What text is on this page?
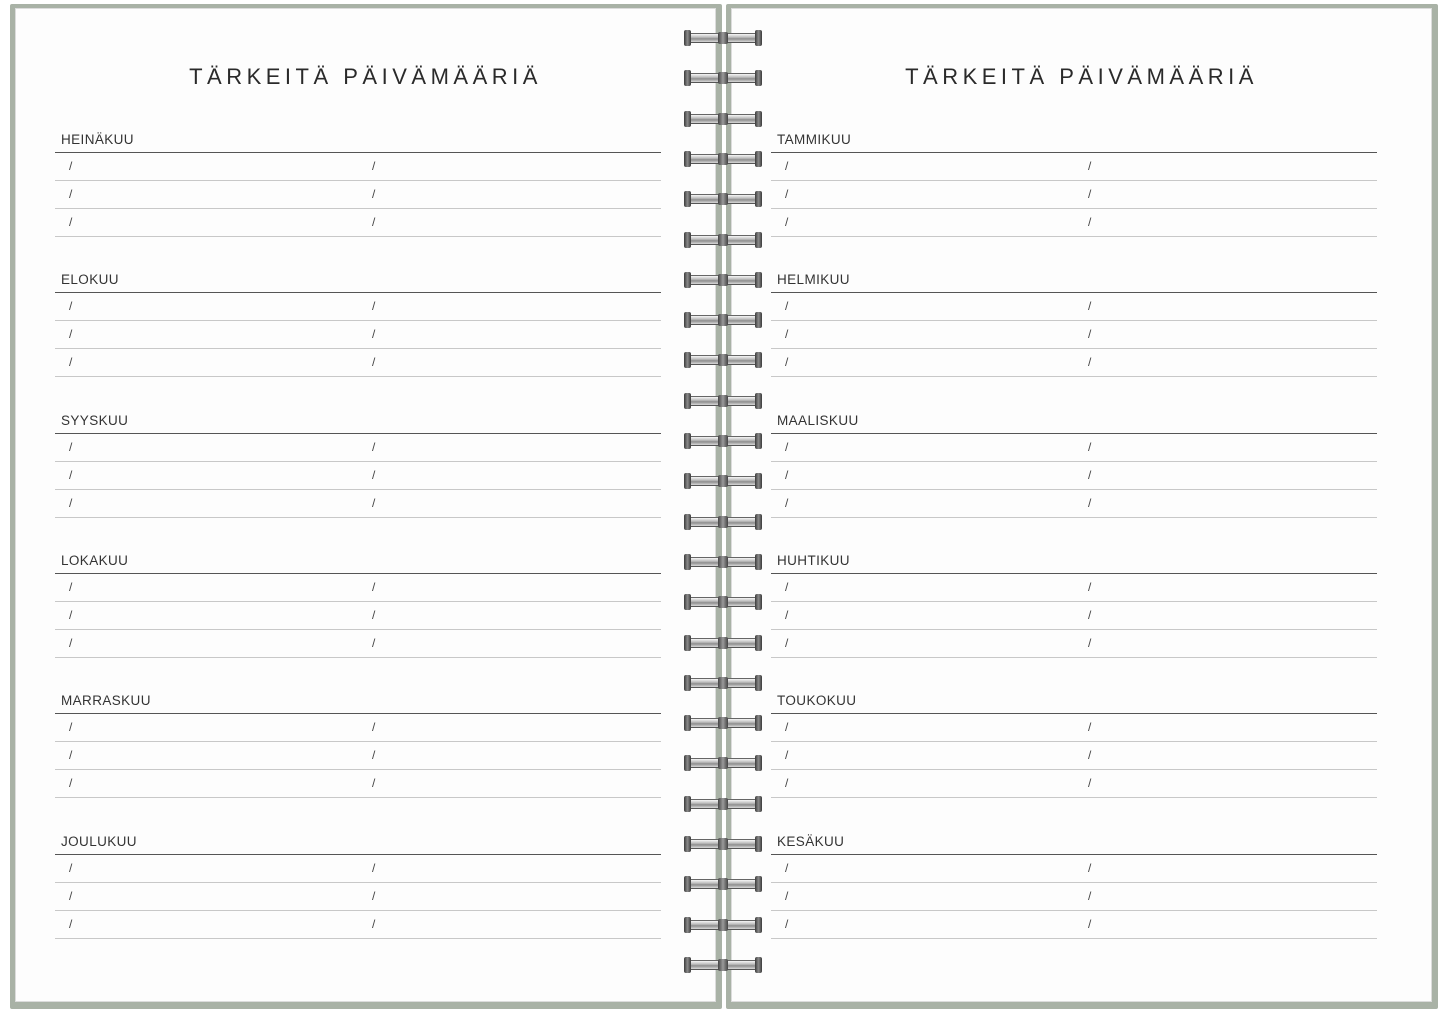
TÄRKEITÄ PÄIVÄMÄÄRIÄ
HEINÄKUU
/	/
/	/
/	/
ELOKUU
/	/
/	/
/	/
SYYSKUU
/	/
/	/
/	/
LOKAKUU
/	/
/	/
/	/
MARRASKUU
/	/
/	/
/	/
JOULUKUU
/	/
/	/
/	/
TÄRKEITÄ PÄIVÄMÄÄRIÄ
TAMMIKUU
/	/
/	/
/	/
HELMIKUU
/	/
/	/
/	/
MAALISKUU
/	/
/	/
/	/
HUHTIKUU
/	/
/	/
/	/
TOUKOKUU
/	/
/	/
/	/
KESÄKUU
/	/
/	/
/	/
